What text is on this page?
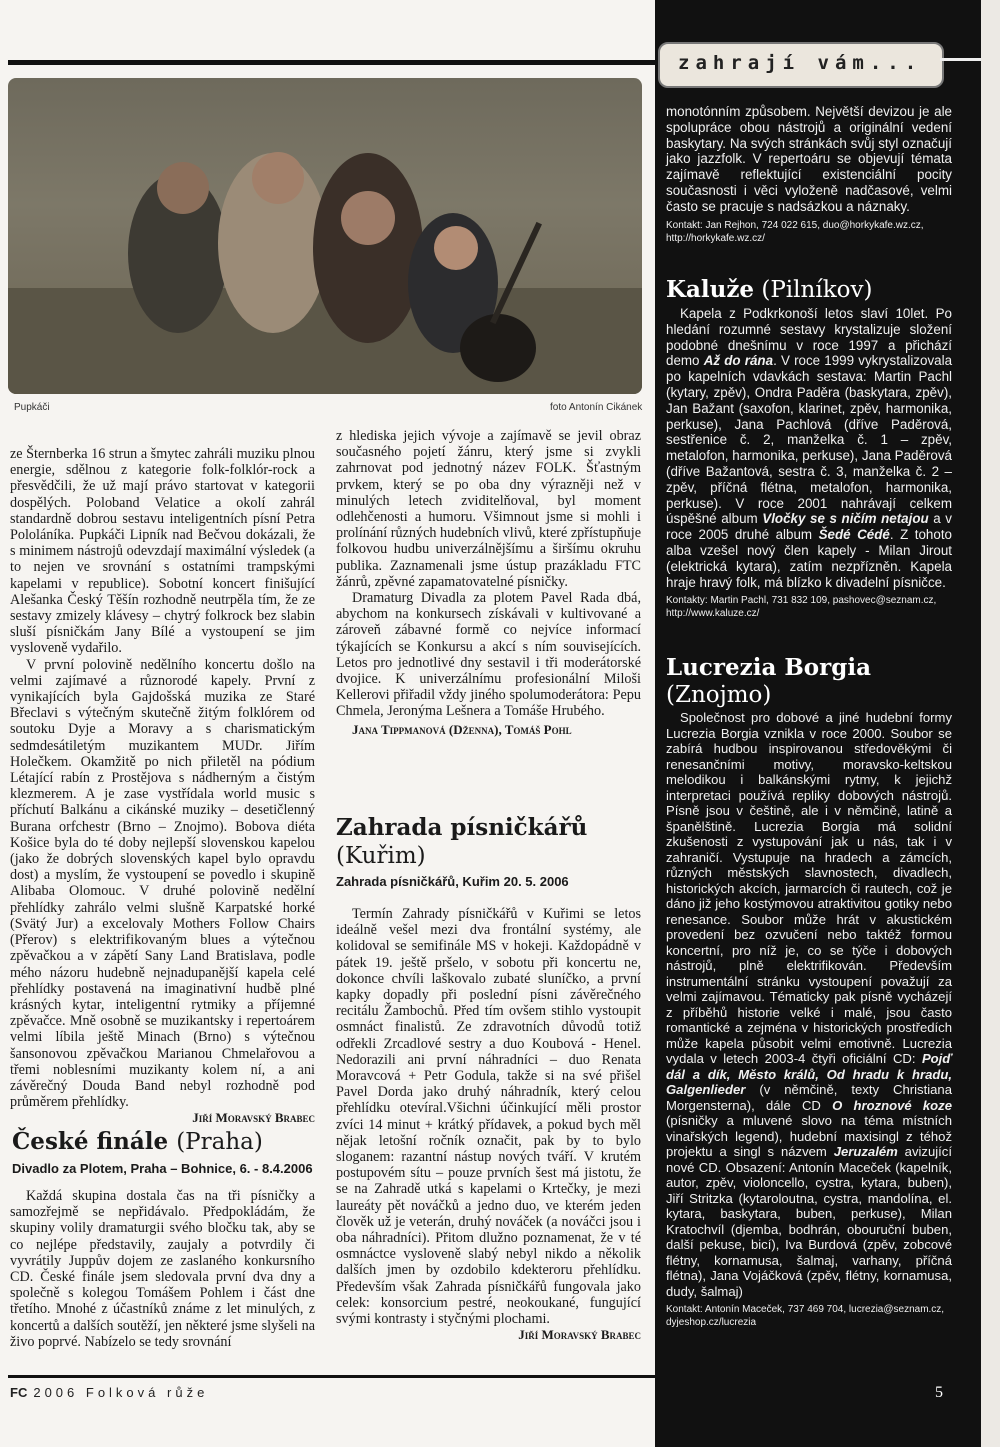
zahrají vám...
Pupkáči	foto Antonín Cikánek

ze Šternberka 16 strun a šmytec zahráli muziku plnou energie, sdělnou z kategorie folk-folklór-rock a přesvědčili, že už mají právo startovat v kategorii dospělých. Poloband Velatice a okolí zahrál standardně dobrou sestavu inteligentních písní Petra Pololáníka. Pupkáči Lipník nad Bečvou dokázali, že s minimem nástrojů odevzdají maximální výsledek (a to nejen ve srovnání s ostatními trampskými kapelami v republice). Sobotní koncert finišující Alešanka Český Těšín rozhodně neutrpěla tím, že ze sestavy zmizely klávesy – chytrý folkrock bez slabin sluší písničkám Jany Bílé a vystoupení se jim vysloveně vydařilo.

V první polovině nedělního koncertu došlo na velmi zajímavé a různorodé kapely. První z vynikajících byla Gajdošská muzika ze Staré Břeclavi s výtečným skutečně žitým folklórem od soutoku Dyje a Moravy a s charismatickým sedmdesátiletým muzikantem MUDr. Jiřím Holečkem. Okamžitě po nich přiletěl na pódium Létající rabín z Prostějova s nádherným a čistým klezmerem. A je zase vystřídala world music s příchutí Balkánu a cikánské muziky – desetičlenný Burana orfchestr (Brno – Znojmo). Bobova diéta Košice byla do té doby nejlepší slovenskou kapelou (jako že dobrých slovenských kapel bylo opravdu dost) a myslím, že vystoupení se povedlo i skupině Alibaba Olomouc. V druhé polovině nedělní přehlídky zahrálo velmi slušně Karpatské horké (Svätý Jur) a excelovaly Mothers Follow Chairs (Přerov) s elektrifikovaným blues a výtečnou zpěvačkou a v zápětí Sany Land Bratislava, podle mého názoru hudebně nejnadupanější kapela celé přehlídky postavená na imaginativní hudbě plné krásných kytar, inteligentní rytmiky a příjemné zpěvačce. Mně osobně se muzikantsky i repertoárem velmi líbila ještě Minach (Brno) s výtečnou šansonovou zpěvačkou Marianou Chmelařovou a třemi noblesními muzikanty kolem ní, a ani závěrečný Douda Band nebyl rozhodně pod průměrem přehlídky.

Jiří Moravský Brabec
České finále (Praha)
Divadlo za Plotem, Praha – Bohnice, 6. - 8.4.2006

Každá skupina dostala čas na tři písničky a samozřejmě se nepřidávalo. Předpokládám, že skupiny volily dramaturgii svého bločku tak, aby se co nejlépe představily, zaujaly a potvrdily či vyvrátily Juppův dojem ze zaslaného konkursního CD. České finále jsem sledovala první dva dny a společně s kolegou Tomášem Pohlem i část dne třetího. Mnohé z účastníků známe z let minulých, z koncertů a dalších soutěží, jen některé jsme slyšeli na živo poprvé. Nabízelo se tedy srovnání

z hlediska jejich vývoje a zajímavě se jevil obraz současného pojetí žánru, který jsme si zvykli zahrnovat pod jednotný název FOLK. Šťastným prvkem, který se po oba dny výrazněji než v minulých letech zviditelňoval, byl moment odlehčenosti a humoru. Všimnout jsme si mohli i prolínání různých hudebních vlivů, které zpřístupňuje folkovou hudbu univerzálnějšímu a širšímu okruhu publika. Zaznamenali jsme ústup prazákladu FTC žánrů, zpěvné zapamatovatelné písničky.

Dramaturg Divadla za plotem Pavel Rada dbá, abychom na konkursech získávali v kultivované a zároveň zábavné formě co nejvíce informací týkajících se Konkursu a akcí s ním souvisejících. Letos pro jednotlivé dny sestavil i tři moderátorské dvojice. K univerzálnímu profesionální Miloši Kellerovi přiřadil vždy jiného spolumoderátora: Pepu Chmela, Jeronýma Lešnera a Tomáše Hrubého.

Jana Tippmanová (Dženna), Tomáš Pohl
Zahrada písničkářů
(Kuřim)
Zahrada písničkářů, Kuřim 20. 5. 2006

Termín Zahrady písničkářů v Kuřimi se letos ideálně vešel mezi dva frontální systémy, ale kolidoval se semifinále MS v hokeji. Každopádně v pátek 19. ještě pršelo, v sobotu při koncertu ne, dokonce chvíli laškovalo zubaté sluníčko, a první kapky dopadly při poslední písni závěrečného recitálu Žambochů. Před tím ovšem stihlo vystoupit osmnáct finalistů. Ze zdravotních důvodů totiž odřekli Zrcadlové sestry a duo Koubová - Henel. Nedorazili ani první náhradníci – duo Renata Moravcová + Petr Godula, takže si na své přišel Pavel Dorda jako druhý náhradník, který celou přehlídku otevíral.Všichni účinkující měli prostor zvíci 14 minut + krátký přídavek, a pokud bych měl nějak letošní ročník označit, pak by to bylo sloganem: razantní nástup nových tváří. V krutém postupovém sítu – pouze prvních šest má jistotu, že se na Zahradě utká s kapelami o Krtečky, je mezi laureáty pět nováčků a jedno duo, ve kterém jeden člověk už je veterán, druhý nováček (a nováčci jsou i oba náhradníci). Přitom dlužno poznamenat, že v té osmnáctce vysloveně slabý nebyl nikdo a několik dalších jmen by ozdobilo kdekteroru přehlídku. Především však Zahrada písničkářů fungovala jako celek: konsorcium pestré, neokoukané, fungující svými kontrasty i styčnými plochami.

Jiří Moravský Brabec

monotónním způsobem. Největší devizou je ale spolupráce obou nástrojů a originální vedení baskytary. Na svých stránkách svůj styl označují jako jazzfolk. V repertoáru se objevují témata zajímavě reflektující existenciální pocity současnosti i věci vyloženě nadčasové, velmi často se pracuje s nadsázkou a náznaky.

Kontakt: Jan Rejhon, 724 022 615, duo@horkykafe.wz.cz, http://horkykafe.wz.cz/

Kaluže (Pilníkov)

Kapela z Podkrkonoší letos slaví 10let. Po hledání rozumné sestavy krystalizuje složení podobné dnešnímu v roce 1997 a přichází demo Až do rána. V roce 1999 vykrystalizovala po kapelních vdavkách sestava: Martin Pachl (kytary, zpěv), Ondra Paděra (baskytara, zpěv), Jan Bažant (saxofon, klarinet, zpěv, harmonika, perkuse), Jana Pachlová (dříve Paděrová, sestřenice č. 2, manželka č. 1 – zpěv, metalofon, harmonika, perkuse), Jana Paděrová (dříve Bažantová, sestra č. 3, manželka č. 2 – zpěv, příčná flétna, metalofon, harmonika, perkuse). V roce 2001 nahrávají celkem úspěšné album Vločky se s ničím netajou a v roce 2005 druhé album Šedé Cédé. Z tohoto alba vzešel nový člen kapely - Milan Jirout (elektrická kytara), zatím nezpřízněn. Kapela hraje hravý folk, má blízko k divadelní písničce.

Kontakty: Martin Pachl, 731 832 109, pashovec@seznam.cz, http://www.kaluze.cz/

Lucrezia Borgia
(Znojmo)

Společnost pro dobové a jiné hudební formy Lucrezia Borgia vznikla v roce 2000. Soubor se zabírá hudbou inspirovanou středověkými či renesančními motivy, moravsko-keltskou melodikou i balkánskými rytmy, k jejichž interpretaci používá repliky dobových nástrojů. Písně jsou v češtině, ale i v němčině, latině a španělštině. Lucrezia Borgia má solidní zkušenosti z vystupování jak u nás, tak i v zahraničí. Vystupuje na hradech a zámcích, různých městských slavnostech, divadlech, historických akcích, jarmarcích či rautech, což je dáno již jeho kostýmovou atraktivitou gotiky nebo renesance. Soubor může hrát v akustickém provedení bez ozvučení nebo taktéž formou koncertní, pro níž je, co se týče i dobových nástrojů, plně elektrifikován. Především instrumentální stránku vystoupení považují za velmi zajímavou. Tématicky pak písně vycházejí z příběhů historie velké i malé, jsou často romantické a zejména v historických prostředích může kapela působit velmi emotivně. Lucrezia vydala v letech 2003-4 čtyři oficiální CD: Pojď dál a dík, Město králů, Od hradu k hradu, Galgenlieder (v němčině, texty Christiana Morgensterna), dále CD O hroznové koze (písničky a mluvené slovo na téma místních vinařských legend), hudební maxisingl z téhož projektu a singl s názvem Jeruzalém avizující nové CD. Obsazení: Antonín Maceček (kapelník, autor, zpěv, violoncello, cystra, kytara, buben), Jiří Stritzka (kytaroloutna, cystra, mandolína, el. kytara, baskytara, buben, perkuse), Milan Kratochvíl (djemba, bodhrán, obouruční buben, další pekuse, bicí), Iva Burdová (zpěv, zobcové flétny, kornamusa, šalmaj, varhany, příčná flétna), Jana Vojáčková (zpěv, flétny, kornamusa, dudy, šalmaj)

Kontakt: Antonín Maceček, 737 469 704, lucrezia@seznam.cz, dyjeshop.cz/lucrezia

FC 2006 Folková růže	5
